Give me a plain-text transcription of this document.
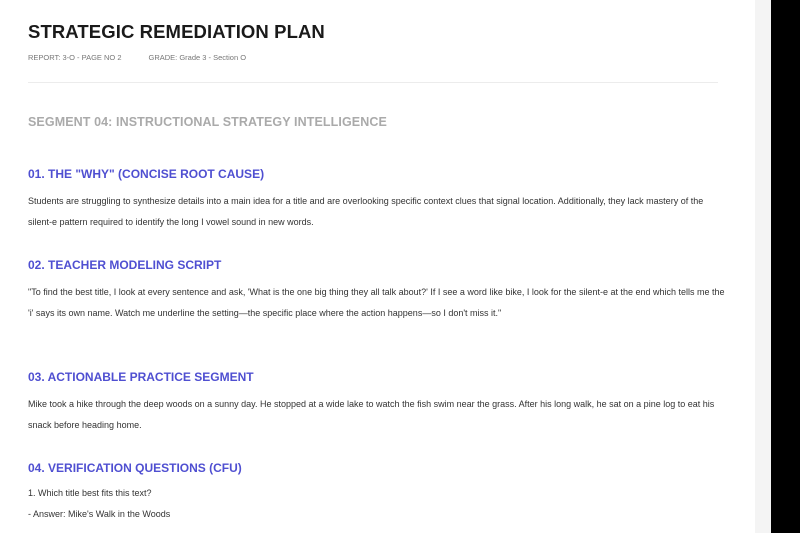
STRATEGIC REMEDIATION PLAN
REPORT: 3-O - PAGE NO 2	GRADE: Grade 3 - Section O
SEGMENT 04: INSTRUCTIONAL STRATEGY INTELLIGENCE
01. THE "WHY" (CONCISE ROOT CAUSE)
Students are struggling to synthesize details into a main idea for a title and are overlooking specific context clues that signal location. Additionally, they lack mastery of the silent-e pattern required to identify the long I vowel sound in new words.
02. TEACHER MODELING SCRIPT
"To find the best title, I look at every sentence and ask, 'What is the one big thing they all talk about?' If I see a word like bike, I look for the silent-e at the end which tells me the 'i' says its own name. Watch me underline the setting—the specific place where the action happens—so I don't miss it."
03. ACTIONABLE PRACTICE SEGMENT
Mike took a hike through the deep woods on a sunny day. He stopped at a wide lake to watch the fish swim near the grass. After his long walk, he sat on a pine log to eat his snack before heading home.
04. VERIFICATION QUESTIONS (CFU)
1. Which title best fits this text?
- Answer: Mike's Walk in the Woods
